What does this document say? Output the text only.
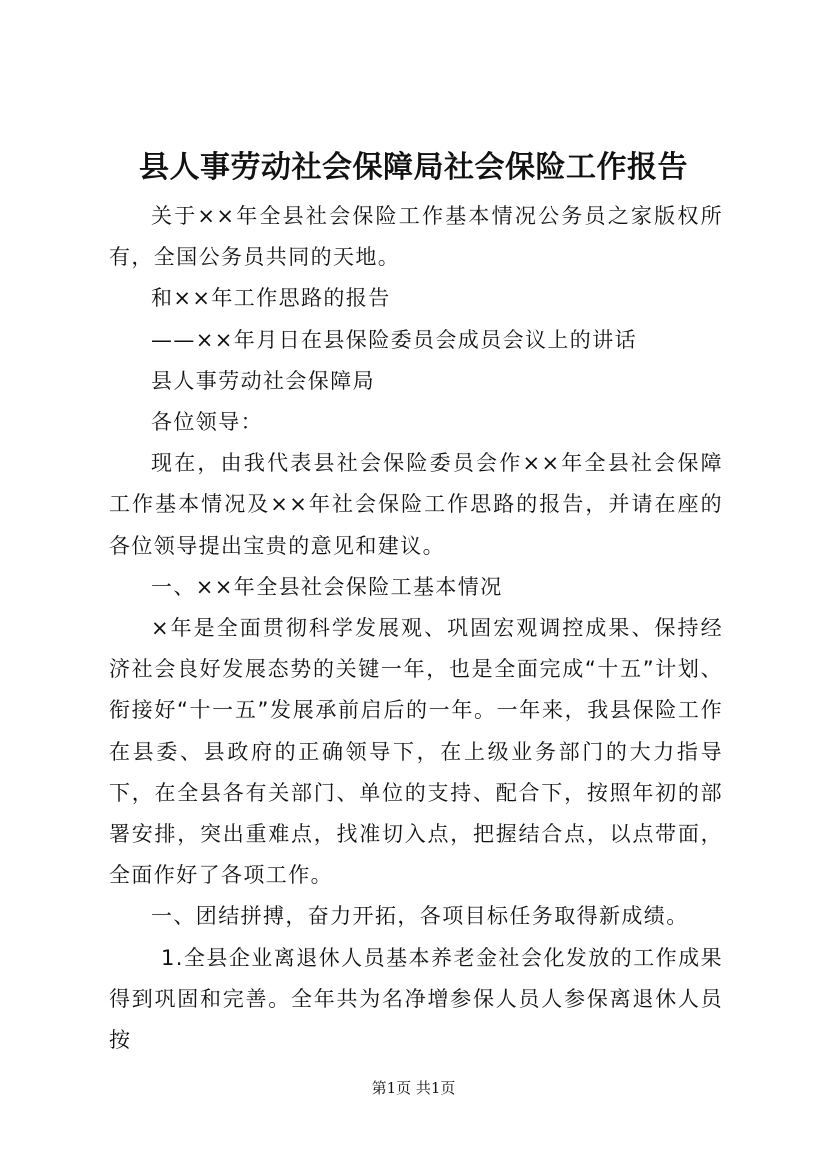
县人事劳动社会保障局社会保险工作报告

关于××年全县社会保险工作基本情况公务员之家版权所有，全国公务员共同的天地。

和××年工作思路的报告

——××年月日在县保险委员会成员会议上的讲话

县人事劳动社会保障局

各位领导：

现在，由我代表县社会保险委员会作××年全县社会保障工作基本情况及××年社会保险工作思路的报告，并请在座的各位领导提出宝贵的意见和建议。

一、××年全县社会保险工基本情况

×年是全面贯彻科学发展观、巩固宏观调控成果、保持经济社会良好发展态势的关键一年，也是全面完成“十五”计划、衔接好“十一五”发展承前启后的一年。一年来，我县保险工作在县委、县政府的正确领导下，在上级业务部门的大力指导下，在全县各有关部门、单位的支持、配合下，按照年初的部署安排，突出重难点，找准切入点，把握结合点，以点带面，全面作好了各项工作。

一、团结拼搏，奋力开拓，各项目标任务取得新成绩。

1.全县企业离退休人员基本养老金社会化发放的工作成果得到巩固和完善。全年共为名净增参保人员人参保离退休人员按

第1页 共1页
